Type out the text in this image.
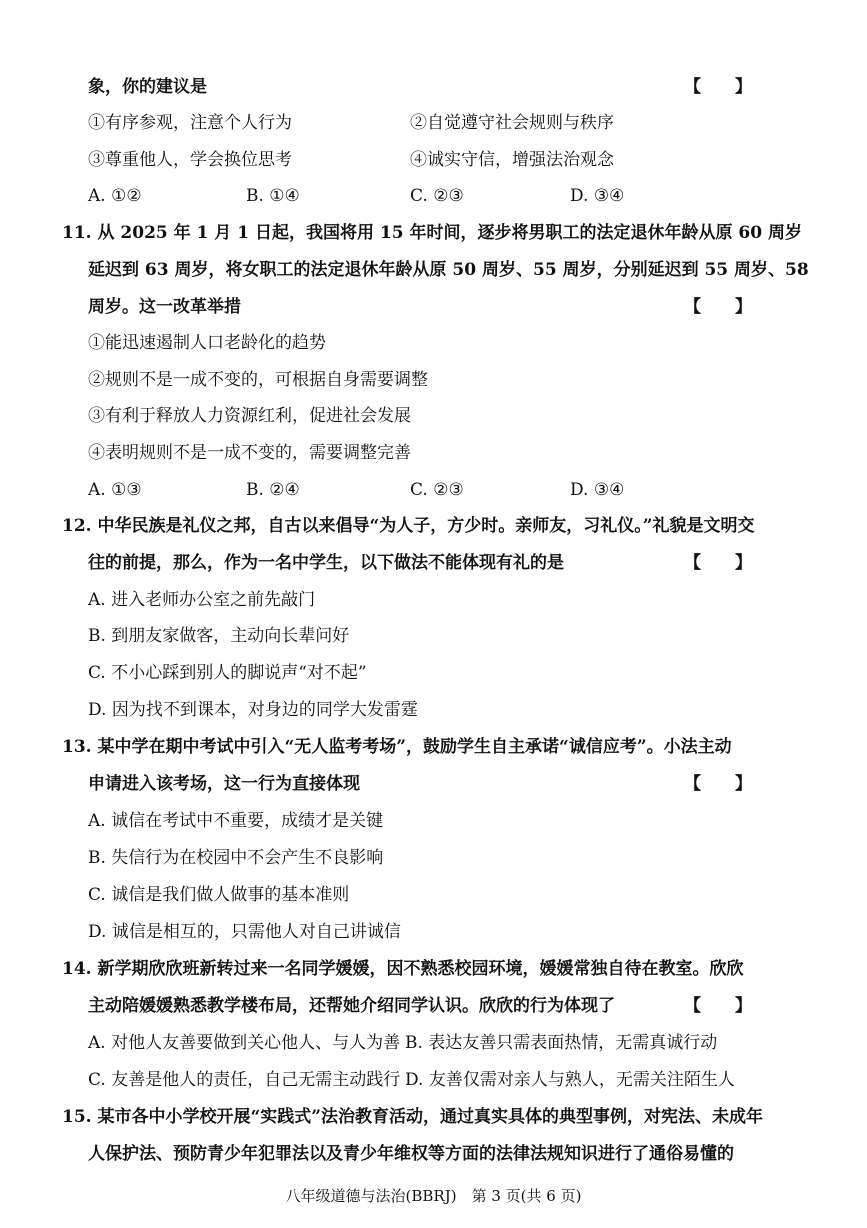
象，你的建议是	【　　】
①有序参观，注意个人行为	②自觉遵守社会规则与秩序
③尊重他人，学会换位思考	④诚实守信，增强法治观念
A. ①②	B. ①④	C. ②③	D. ③④
11. 从 2025 年 1 月 1 日起，我国将用 15 年时间，逐步将男职工的法定退休年龄从原 60 周岁
延迟到 63 周岁，将女职工的法定退休年龄从原 50 周岁、55 周岁，分别延迟到 55 周岁、58
周岁。这一改革举措	【　　】
①能迅速遏制人口老龄化的趋势
②规则不是一成不变的，可根据自身需要调整
③有利于释放人力资源红利，促进社会发展
④表明规则不是一成不变的，需要调整完善
A. ①③	B. ②④	C. ②③	D. ③④
12. 中华民族是礼仪之邦，自古以来倡导“为人子，方少时。亲师友，习礼仪。”礼貌是文明交
往的前提，那么，作为一名中学生，以下做法不能体现有礼的是	【　　】
A. 进入老师办公室之前先敲门
B. 到朋友家做客，主动向长辈问好
C. 不小心踩到别人的脚说声“对不起”
D. 因为找不到课本，对身边的同学大发雷霆
13. 某中学在期中考试中引入“无人监考考场”，鼓励学生自主承诺“诚信应考”。小法主动
申请进入该考场，这一行为直接体现	【　　】
A. 诚信在考试中不重要，成绩才是关键
B. 失信行为在校园中不会产生不良影响
C. 诚信是我们做人做事的基本准则
D. 诚信是相互的，只需他人对自己讲诚信
14. 新学期欣欣班新转过来一名同学媛媛，因不熟悉校园环境，媛媛常独自待在教室。欣欣
主动陪媛媛熟悉教学楼布局，还帮她介绍同学认识。欣欣的行为体现了	【　　】
A. 对他人友善要做到关心他人、与人为善 B. 表达友善只需表面热情，无需真诚行动
C. 友善是他人的责任，自己无需主动践行 D. 友善仅需对亲人与熟人，无需关注陌生人
15. 某市各中小学校开展“实践式”法治教育活动，通过真实具体的典型事例，对宪法、未成年
人保护法、预防青少年犯罪法以及青少年维权等方面的法律法规知识进行了通俗易懂的
八年级道德与法治(BBRJ)　第 3 页(共 6 页)
